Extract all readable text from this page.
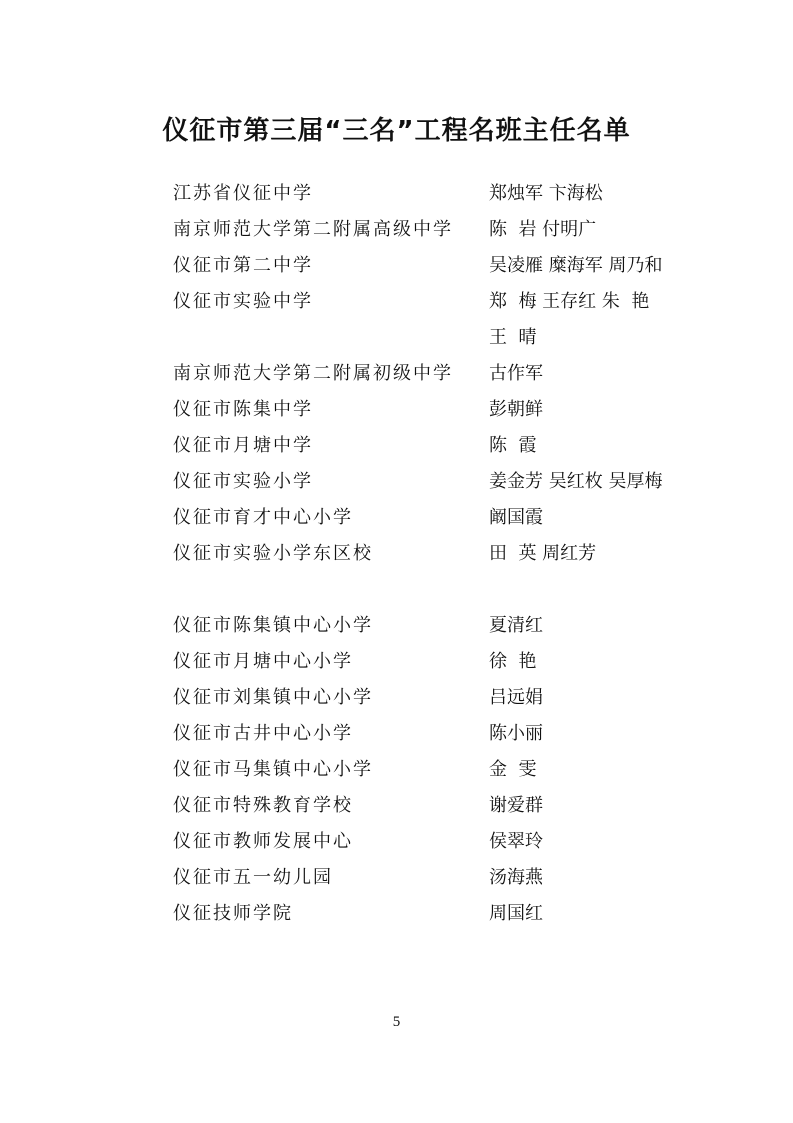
仪征市第三届“三名”工程名班主任名单
江苏省仪征中学	郑烛军 卞海松
南京师范大学第二附属高级中学 陈  岩 付明广
仪征市第二中学	吴凌雁 糜海军 周乃和
仪征市实验中学	郑  梅 王存红 朱  艳
王  晴
南京师范大学第二附属初级中学 古作军
仪征市陈集中学	彭朝鲜
仪征市月塘中学	陈  霞
仪征市实验小学	姜金芳 吴红枚 吴厚梅
仪征市育才中心小学	阚国霞
仪征市实验小学东区校	田  英 周红芳
仪征市陈集镇中心小学	夏清红
仪征市月塘中心小学	徐  艳
仪征市刘集镇中心小学	吕远娟
仪征市古井中心小学	陈小丽
仪征市马集镇中心小学	金  雯
仪征市特殊教育学校	谢爱群
仪征市教师发展中心	侯翠玲
仪征市五一幼儿园	汤海燕
仪征技师学院	周国红
5
